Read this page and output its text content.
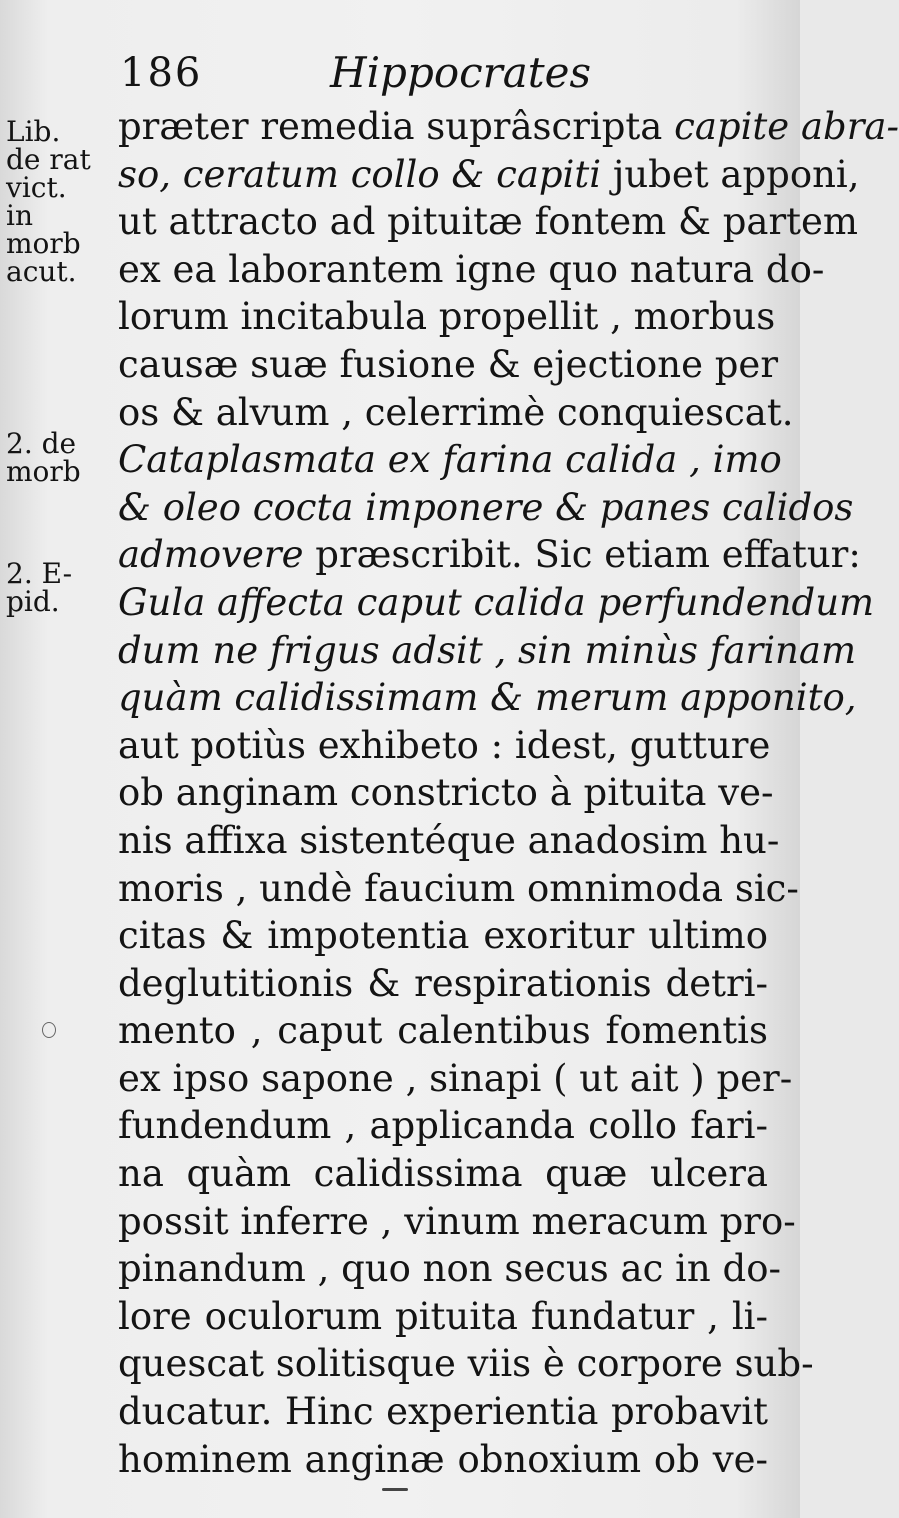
186	Hippocrates
Lib.
de rat
vict.
in
morb
acut.
2. de
morb
2. E-
pid.
præter remedia suprâscripta capite abra-
so, ceratum collo & capiti jubet apponi,
ut attracto ad pituitæ fontem & partem
ex ea laborantem igne quo natura do-
lorum incitabula propellit , morbus
causæ suæ fusione & ejectione per
os & alvum , celerrimè conquiescat.
Cataplasmata ex farina calida , imo
& oleo cocta imponere & panes calidos
admovere præscribit. Sic etiam effatur:
Gula affecta caput calida perfundendum
dum ne frigus adsit , sin minùs farinam
quàm calidissimam & merum apponito,
aut potiùs exhibeto : idest, gutture
ob anginam constricto à pituita ve-
nis affixa sistentéque anadosim hu-
moris , undè faucium omnimoda sic-
citas & impotentia exoritur ultimo
deglutitionis & respirationis detri-
mento , caput calentibus fomentis
ex ipso sapone , sinapi ( ut ait ) per-
fundendum , applicanda collo fari-
na quàm calidissima quæ ulcera
possit inferre , vinum meracum pro-
pinandum , quo non secus ac in do-
lore oculorum pituita fundatur , li-
quescat solitisque viis è corpore sub-
ducatur. Hinc experientia probavit
hominem anginæ obnoxium ob ve-
